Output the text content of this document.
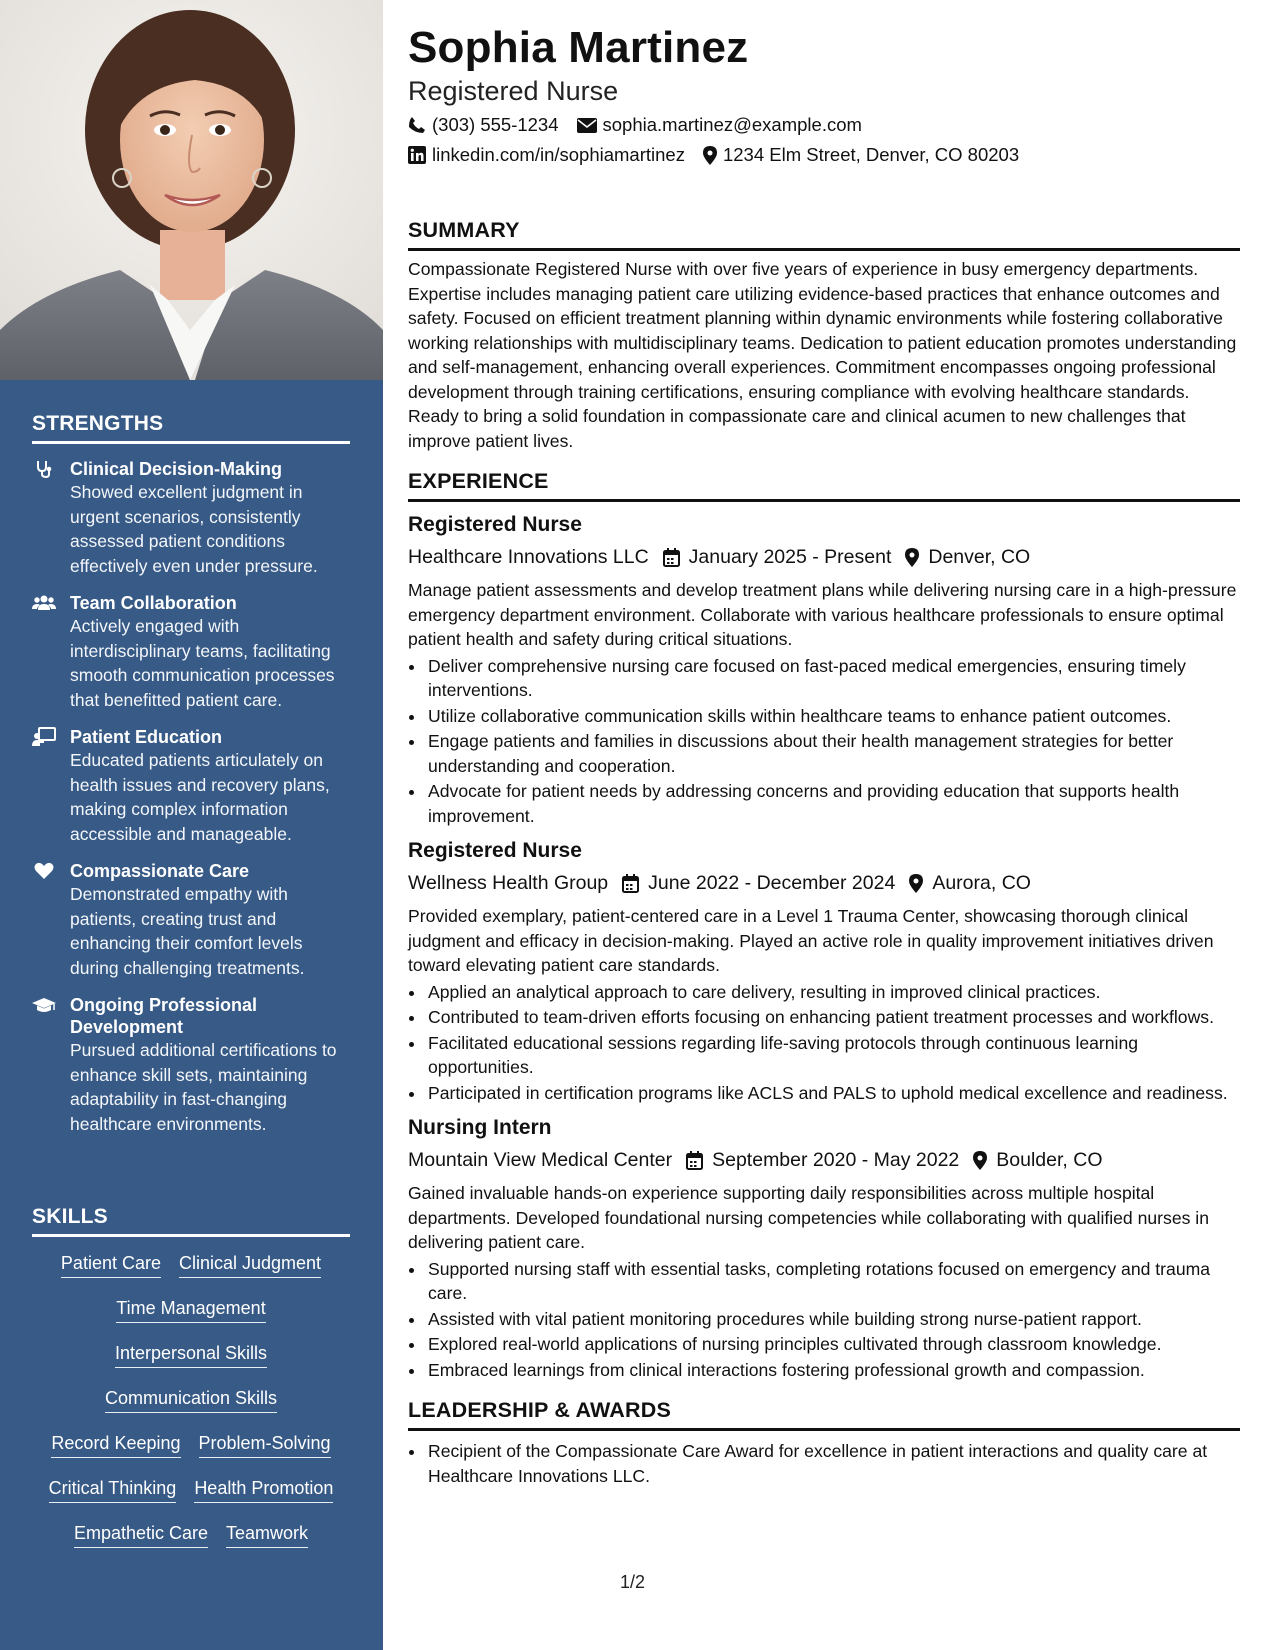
STRENGTHS
Clinical Decision-Making
Showed excellent judgment in urgent scenarios, consistently assessed patient conditions effectively even under pressure.
Team Collaboration
Actively engaged with interdisciplinary teams, facilitating smooth communication processes that benefitted patient care.
Patient Education
Educated patients articulately on health issues and recovery plans, making complex information accessible and manageable.
Compassionate Care
Demonstrated empathy with patients, creating trust and enhancing their comfort levels during challenging treatments.
Ongoing Professional Development
Pursued additional certifications to enhance skill sets, maintaining adaptability in fast-changing healthcare environments.
SKILLS
Patient Care Clinical Judgment
Time Management
Interpersonal Skills
Communication Skills
Record Keeping Problem-Solving
Critical Thinking Health Promotion
Empathetic Care Teamwork
Sophia Martinez
Registered Nurse
(303) 555-1234 sophia.martinez@example.com
linkedin.com/in/sophiamartinez 1234 Elm Street, Denver, CO 80203
SUMMARY

Compassionate Registered Nurse with over five years of experience in busy emergency departments. Expertise includes managing patient care utilizing evidence-based practices that enhance outcomes and safety. Focused on efficient treatment planning within dynamic environments while fostering collaborative working relationships with multidisciplinary teams. Dedication to patient education promotes understanding and self-management, enhancing overall experiences. Commitment encompasses ongoing professional development through training certifications, ensuring compliance with evolving healthcare standards. Ready to bring a solid foundation in compassionate care and clinical acumen to new challenges that improve patient lives.

EXPERIENCE
Registered Nurse
Healthcare Innovations LLC January 2025 - Present Denver, CO

Manage patient assessments and develop treatment plans while delivering nursing care in a high-pressure emergency department environment. Collaborate with various healthcare professionals to ensure optimal patient health and safety during critical situations.

• Deliver comprehensive nursing care focused on fast-paced medical emergencies, ensuring timely interventions.
• Utilize collaborative communication skills within healthcare teams to enhance patient outcomes.
• Engage patients and families in discussions about their health management strategies for better understanding and cooperation.
• Advocate for patient needs by addressing concerns and providing education that supports health improvement.
Registered Nurse
Wellness Health Group June 2022 - December 2024 Aurora, CO

Provided exemplary, patient-centered care in a Level 1 Trauma Center, showcasing thorough clinical judgment and efficacy in decision-making. Played an active role in quality improvement initiatives driven toward elevating patient care standards.

• Applied an analytical approach to care delivery, resulting in improved clinical practices.
• Contributed to team-driven efforts focusing on enhancing patient treatment processes and workflows.
• Facilitated educational sessions regarding life-saving protocols through continuous learning opportunities.
• Participated in certification programs like ACLS and PALS to uphold medical excellence and readiness.
Nursing Intern
Mountain View Medical Center September 2020 - May 2022 Boulder, CO

Gained invaluable hands-on experience supporting daily responsibilities across multiple hospital departments. Developed foundational nursing competencies while collaborating with qualified nurses in delivering patient care.

• Supported nursing staff with essential tasks, completing rotations focused on emergency and trauma care.
• Assisted with vital patient monitoring procedures while building strong nurse-patient rapport.
• Explored real-world applications of nursing principles cultivated through classroom knowledge.
• Embraced learnings from clinical interactions fostering professional growth and compassion.
LEADERSHIP & AWARDS
• Recipient of the Compassionate Care Award for excellence in patient interactions and quality care at Healthcare Innovations LLC.
1/2
